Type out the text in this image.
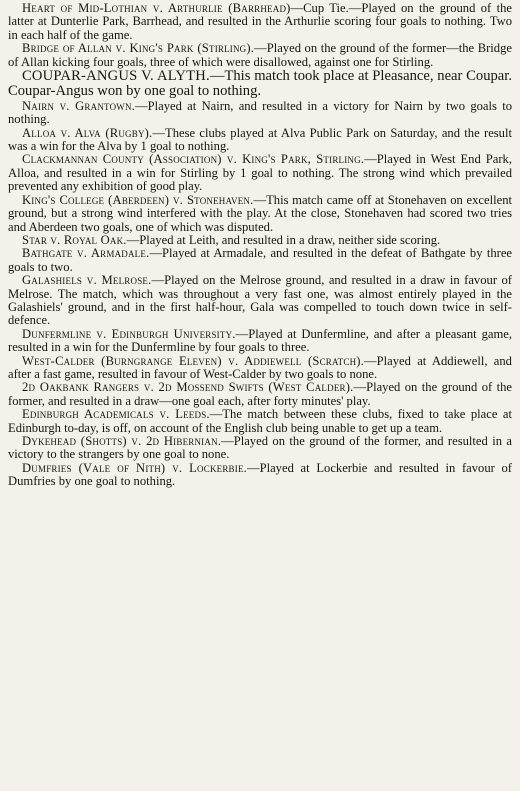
Heart of Mid-Lothian v. Arthurlie (Barrhead)—Cup Tie.—Played on the ground of the latter at Dunterlie Park, Barrhead, and resulted in the Arthurlie scoring four goals to nothing. Two in each half of the game.

Bridge of Allan v. King's Park (Stirling).—Played on the ground of the former—the Bridge of Allan kicking four goals, three of which were disallowed, against one for Stirling.

COUPAR-ANGUS V. ALYTH.—This match took place at Pleasance, near Coupar. Coupar-Angus won by one goal to nothing.

Nairn v. Grantown.—Played at Nairn, and resulted in a victory for Nairn by two goals to nothing.

Alloa v. Alva (Rugby).—These clubs played at Alva Public Park on Saturday, and the result was a win for the Alva by 1 goal to nothing.

Clackmannan County (Association) v. King's Park, Stirling.—Played in West End Park, Alloa, and resulted in a win for Stirling by 1 goal to nothing. The strong wind which prevailed prevented any exhibition of good play.

King's College (Aberdeen) v. Stonehaven.—This match came off at Stonehaven on excellent ground, but a strong wind interfered with the play. At the close, Stonehaven had scored two tries and Aberdeen two goals, one of which was disputed.

Star v. Royal Oak.—Played at Leith, and resulted in a draw, neither side scoring.

Bathgate v. Armadale.—Played at Armadale, and resulted in the defeat of Bathgate by three goals to two.

Galashiels v. Melrose.—Played on the Melrose ground, and resulted in a draw in favour of Melrose. The match, which was throughout a very fast one, was almost entirely played in the Galashiels' ground, and in the first half-hour, Gala was compelled to touch down twice in self-defence.

Dunfermline v. Edinburgh University.—Played at Dunfermline, and after a pleasant game, resulted in a win for the Dunfermline by four goals to three.

West-Calder (Burngrange Eleven) v. Addiewell (Scratch).—Played at Addiewell, and after a fast game, resulted in favour of West-Calder by two goals to none.

2d Oakbank Rangers v. 2d Mossend Swifts (West Calder).—Played on the ground of the former, and resulted in a draw—one goal each, after forty minutes' play.

Edinburgh Academicals v. Leeds.—The match between these clubs, fixed to take place at Edinburgh to-day, is off, on account of the English club being unable to get up a team.

Dykehead (Shotts) v. 2d Hibernian.—Played on the ground of the former, and resulted in a victory to the strangers by one goal to none.

Dumfries (Vale of Nith) v. Lockerbie.—Played at Lockerbie and resulted in favour of Dumfries by one goal to nothing.
